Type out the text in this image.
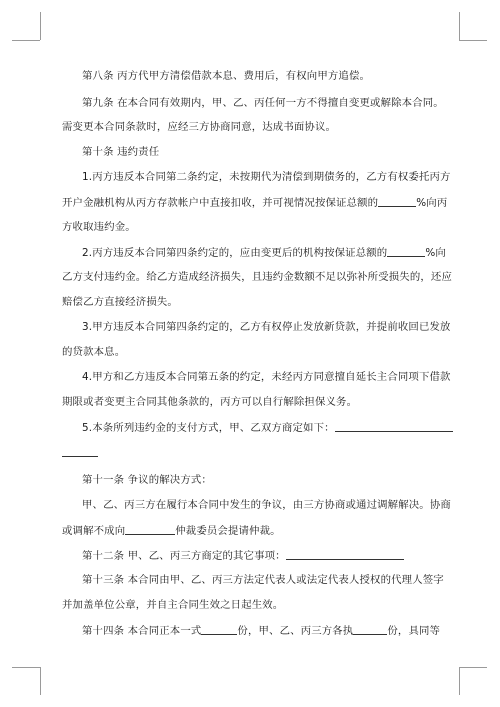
第八条 丙方代甲方清偿借款本息、费用后，有权向甲方追偿。
第九条 在本合同有效期内，甲、乙、丙任何一方不得擅自变更或解除本合同。
需变更本合同条款时，应经三方协商同意，达成书面协议。
第十条 违约责任
1.丙方违反本合同第二条约定，未按期代为清偿到期债务的，乙方有权委托丙方
开户金融机构从丙方存款帐户中直接扣收，并可视情况按保证总额的	%向丙
方收取违约金。
2.丙方违反本合同第四条约定的，应由变更后的机构按保证总额的	%向
乙方支付违约金。给乙方造成经济损失，且违约金数额不足以弥补所受损失的，还应
赔偿乙方直接经济损失。
3.甲方违反本合同第四条约定的，乙方有权停止发放新贷款，并提前收回已发放
的贷款本息。
4.甲方和乙方违反本合同第五条的约定，未经丙方同意擅自延长主合同项下借款
期限或者变更主合同其他条款的，丙方可以自行解除担保义务。
5.本条所列违约金的支付方式，甲、乙双方商定如下：
第十一条 争议的解决方式：
甲、乙、丙三方在履行本合同中发生的争议，由三方协商或通过调解解决。协商
或调解不成向	仲裁委员会提请仲裁。
第十二条 甲、乙、丙三方商定的其它事项：
第十三条 本合同由甲、乙、丙三方法定代表人或法定代表人授权的代理人签字
并加盖单位公章，并自主合同生效之日起生效。
第十四条 本合同正本一式	份，甲、乙、丙三方各执	份，具同等
